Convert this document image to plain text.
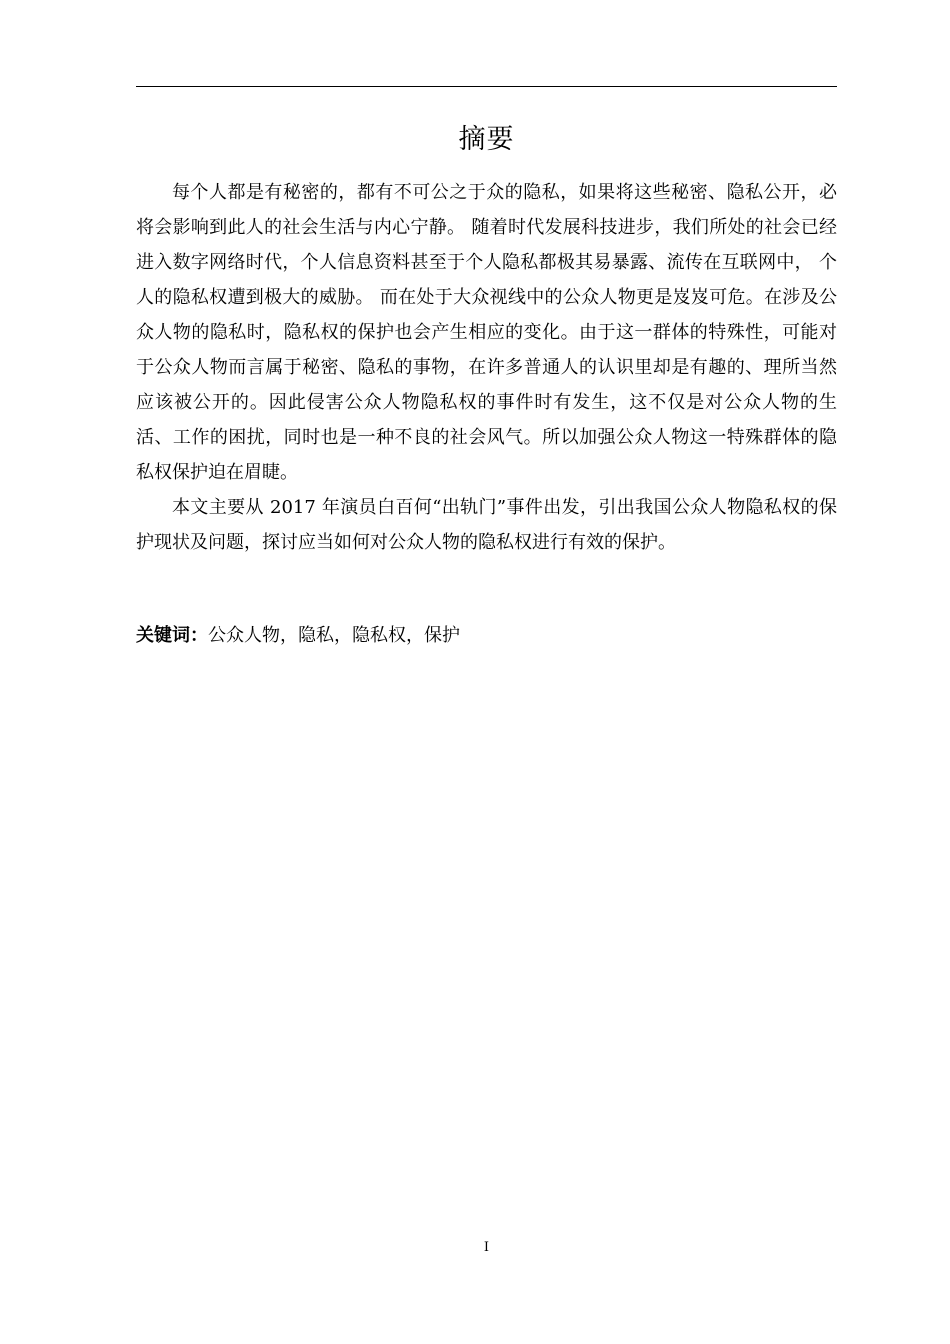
摘要

每个人都是有秘密的，都有不可公之于众的隐私，如果将这些秘密、隐私公开，必将会影响到此人的社会生活与内心宁静。 随着时代发展科技进步，我们所处的社会已经进入数字网络时代，个人信息资料甚至于个人隐私都极其易暴露、流传在互联网中， 个人的隐私权遭到极大的威胁。 而在处于大众视线中的公众人物更是岌岌可危。在涉及公众人物的隐私时，隐私权的保护也会产生相应的变化。由于这一群体的特殊性，可能对于公众人物而言属于秘密、隐私的事物，在许多普通人的认识里却是有趣的、理所当然应该被公开的。因此侵害公众人物隐私权的事件时有发生，这不仅是对公众人物的生活、工作的困扰，同时也是一种不良的社会风气。所以加强公众人物这一特殊群体的隐私权保护迫在眉睫。

本文主要从 2017 年演员白百何“出轨门”事件出发，引出我国公众人物隐私权的保护现状及问题，探讨应当如何对公众人物的隐私权进行有效的保护。

关键词：公众人物，隐私，隐私权，保护
I
